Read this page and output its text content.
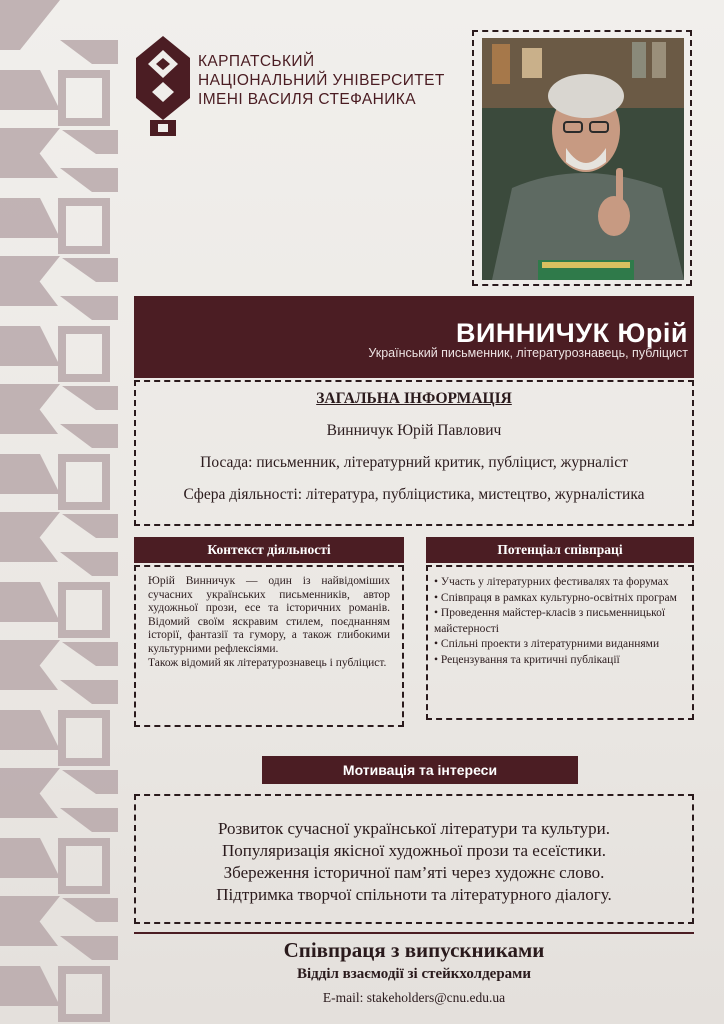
КАРПАТСЬКИЙ
НАЦІОНАЛЬНИЙ УНІВЕРСИТЕТ
ІМЕНІ ВАСИЛЯ СТЕФАНИКА
ВИННИЧУК Юрій
Український письменник, літературознавець, публіцист
ЗАГАЛЬНА ІНФОРМАЦІЯ
Винничук Юрій Павлович
Посада: письменник, літературний критик, публіцист, журналіст
Сфера діяльності: література, публіцистика, мистецтво, журналістика
Контекст діяльності

Юрій Винничук — один із найвідоміших сучасних українських письменників, автор художньої прози, есе та історичних романів. Відомий своїм яскравим стилем, поєднанням історії, фантазії та гумору, а також глибокими культурними рефлексіями.

Також відомий як літературознавець і публіцист.

Потенціал співпраці
• Участь у літературних фестивалях та форумах
• Співпраця в рамках культурно-освітніх програм
• Проведення майстер-класів з письменницької майстерності
• Спільні проекти з літературними виданнями
• Рецензування та критичні публікації
Мотивація та інтереси
Розвиток сучасної української літератури та культури.
Популяризація якісної художньої прози та есеїстики.
Збереження історичної пам’яті через художнє слово.
Підтримка творчої спільноти та літературного діалогу.
Співпраця з випускниками
Відділ взаємодії зі стейкхолдерами
E-mail: stakeholders@cnu.edu.ua
